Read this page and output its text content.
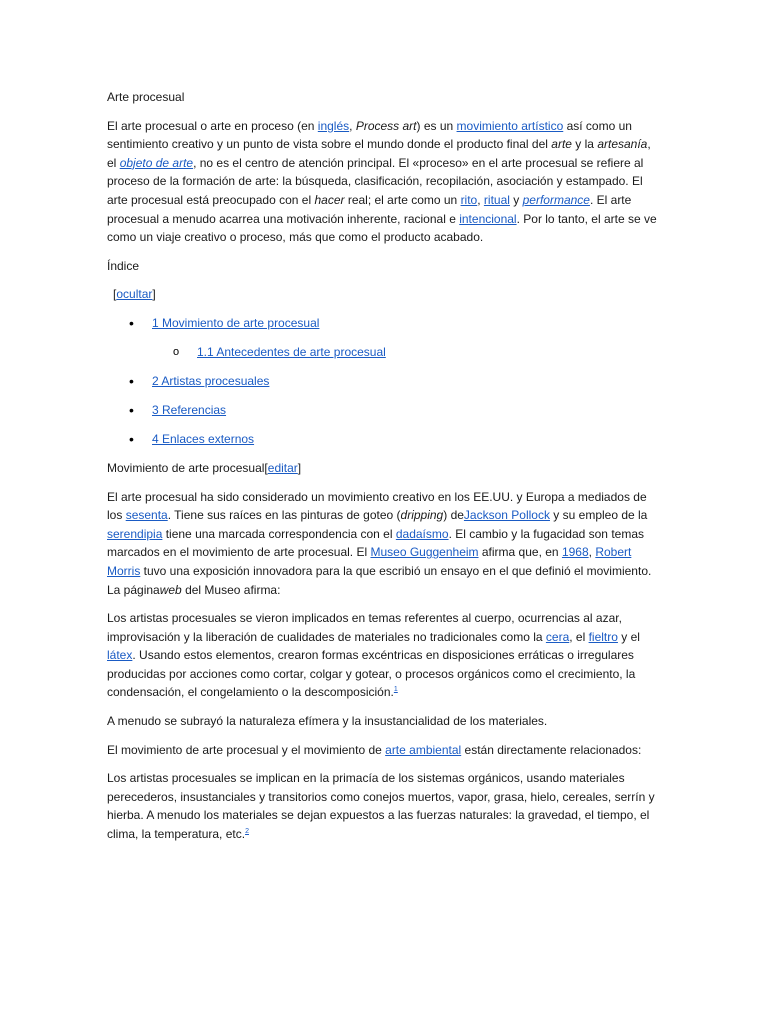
Arte procesual

El arte procesual o arte en proceso (en inglés, Process art) es un movimiento artístico así como un sentimiento creativo y un punto de vista sobre el mundo donde el producto final del arte y la artesanía, el objeto de arte, no es el centro de atención principal. El «proceso» en el arte procesual se refiere al proceso de la formación de arte: la búsqueda, clasificación, recopilación, asociación y estampado. El arte procesual está preocupado con el hacer real; el arte como un rito, ritual y performance. El arte procesual a menudo acarrea una motivación inherente, racional e intencional. Por lo tanto, el arte se ve como un viaje creativo o proceso, más que como el producto acabado.

Índice

[ocultar]

• 1 Movimiento de arte procesual
o 1.1 Antecedentes de arte procesual
• 2 Artistas procesuales
• 3 Referencias
• 4 Enlaces externos

Movimiento de arte procesual[editar]

El arte procesual ha sido considerado un movimiento creativo en los EE.UU. y Europa a mediados de los sesenta. Tiene sus raíces en las pinturas de goteo (dripping) deJackson Pollock y su empleo de la serendipia tiene una marcada correspondencia con el dadaísmo. El cambio y la fugacidad son temas marcados en el movimiento de arte procesual. El Museo Guggenheim afirma que, en 1968, Robert Morris tuvo una exposición innovadora para la que escribió un ensayo en el que definió el movimiento. La páginaweb del Museo afirma:

Los artistas procesuales se vieron implicados en temas referentes al cuerpo, ocurrencias al azar, improvisación y la liberación de cualidades de materiales no tradicionales como la cera, el fieltro y el látex. Usando estos elementos, crearon formas excéntricas en disposiciones erráticas o irregulares producidas por acciones como cortar, colgar y gotear, o procesos orgánicos como el crecimiento, la condensación, el congelamiento o la descomposición.$^1$

A menudo se subrayó la naturaleza efímera y la insustancialidad de los materiales.

El movimiento de arte procesual y el movimiento de arte ambiental están directamente relacionados:

Los artistas procesuales se implican en la primacía de los sistemas orgánicos, usando materiales perecederos, insustanciales y transitorios como conejos muertos, vapor, grasa, hielo, cereales, serrín y hierba. A menudo los materiales se dejan expuestos a las fuerzas naturales: la gravedad, el tiempo, el clima, la temperatura, etc.$^2$
